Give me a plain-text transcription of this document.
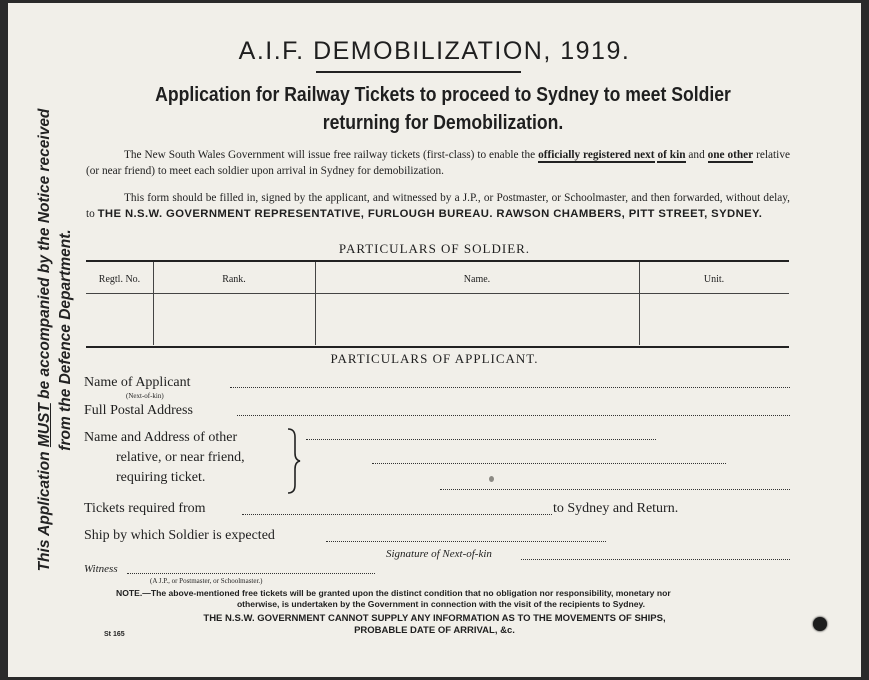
This Application MUST be accompanied by the Notice received from the Defence Department.
A.I.F. DEMOBILIZATION, 1919.
Application for Railway Tickets to proceed to Sydney to meet Soldier
returning for Demobilization.
The New South Wales Government will issue free railway tickets (first-class) to enable the officially registered next of kin and one other relative (or near friend) to meet each soldier upon arrival in Sydney for demobilization.
This form should be filled in, signed by the applicant, and witnessed by a J.P., or Postmaster, or Schoolmaster, and then forwarded, without delay, to THE N.S.W. GOVERNMENT REPRESENTATIVE, FURLOUGH BUREAU. RAWSON CHAMBERS, PITT STREET, SYDNEY.
PARTICULARS OF SOLDIER.
Regtl. No.	Rank.	Name.	Unit.
PARTICULARS OF APPLICANT.
Name of Applicant
(Next-of-kin)
Full Postal Address
Name and Address of other
relative, or near friend,
requiring ticket.
Tickets required from	to Sydney and Return.
Ship by which Soldier is expected
Signature of Next-of-kin
Witness
(A J.P., or Postmaster, or Schoolmaster.)
NOTE.—The above-mentioned free tickets will be granted upon the distinct condition that no obligation nor responsibility, monetary nor
otherwise, is undertaken by the Government in connection with the visit of the recipients to Sydney.
St 165
THE N.S.W. GOVERNMENT CANNOT SUPPLY ANY INFORMATION AS TO THE MOVEMENTS OF SHIPS,
PROBABLE DATE OF ARRIVAL, &c.
